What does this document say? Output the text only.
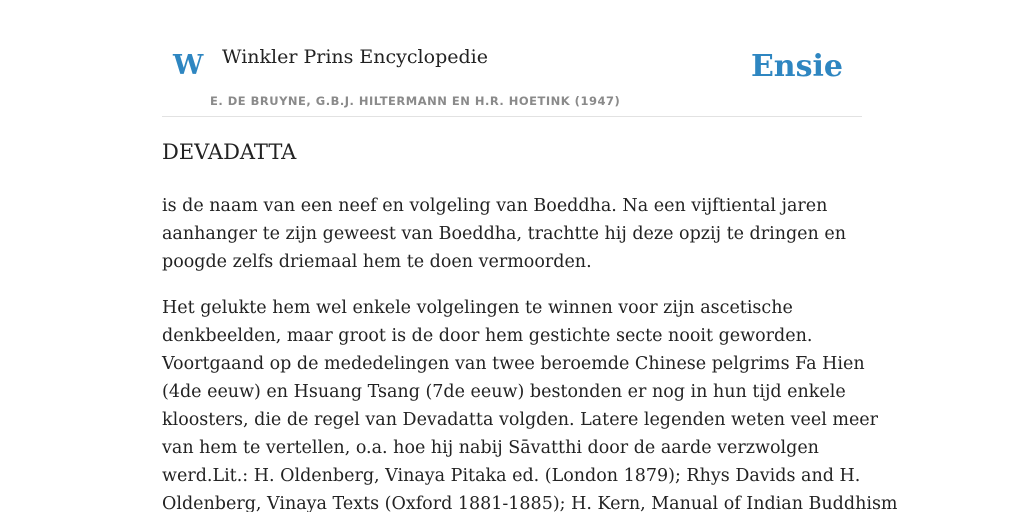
W Winkler Prins Encyclopedie
E. DE BRUYNE, G.B.J. HILTERMANN EN H.R. HOETINK (1947)
Ensie
DEVADATTA

is de naam van een neef en volgeling van Boeddha. Na een vijftiental jaren
aanhanger te zijn geweest van Boeddha, trachtte hij deze opzij te dringen en
poogde zelfs driemaal hem te doen vermoorden.

Het gelukte hem wel enkele volgelingen te winnen voor zijn ascetische
denkbeelden, maar groot is de door hem gestichte secte nooit geworden.
Voortgaand op de mededelingen van twee beroemde Chinese pelgrims Fa Hien
(4de eeuw) en Hsuang Tsang (7de eeuw) bestonden er nog in hun tijd enkele
kloosters, die de regel van Devadatta volgden. Latere legenden weten veel meer
van hem te vertellen, o.a. hoe hij nabij Sāvatthi door de aarde verzwolgen
werd.Lit.: H. Oldenberg, Vinaya Pitaka ed. (London 1879); Rhys Davids and H.
Oldenberg, Vinaya Texts (Oxford 1881-1885); H. Kern, Manual of Indian Buddhism
